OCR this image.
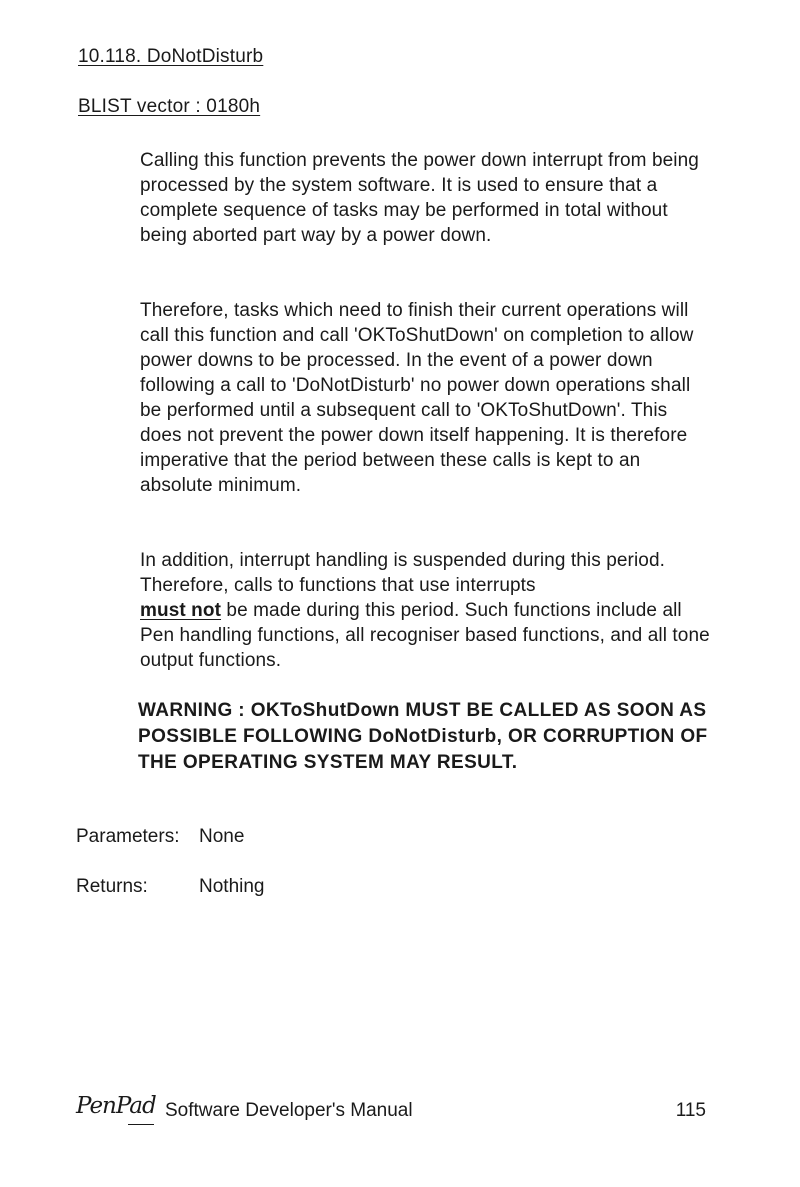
10.118. DoNotDisturb
BLIST vector : 0180h

Calling this function prevents the power down interrupt from being processed by the system software. It is used to ensure that a complete sequence of tasks may be performed in total without being aborted part way by a power down.

Therefore, tasks which need to finish their current operations will call this function and call 'OKToShutDown' on completion to allow power downs to be processed. In the event of a power down following a call to 'DoNotDisturb' no power down operations shall be performed until a subsequent call to 'OKToShutDown'. This does not prevent the power down itself happening. It is therefore imperative that the period between these calls is kept to an absolute minimum.

In addition, interrupt handling is suspended during this period. Therefore, calls to functions that use interrupts
must not be made during this period. Such functions include all Pen handling functions, all recogniser based functions, and all tone output functions.

WARNING : OKToShutDown MUST BE CALLED AS SOON AS POSSIBLE FOLLOWING DoNotDisturb, OR CORRUPTION OF THE OPERATING SYSTEM MAY RESULT.
Parameters: None
Returns:	Nothing
PenPad Software Developer's Manual	115
